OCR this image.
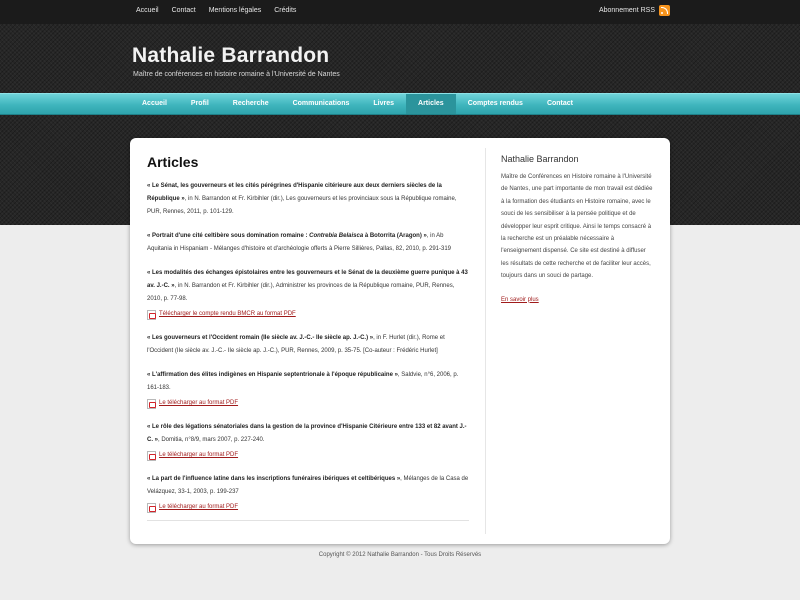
Accueil Contact Mentions légales Crédits	Abonnement RSS
Nathalie Barrandon
Maître de conférences en histoire romaine à l'Université de Nantes
Accueil	Profil	Recherche	Communications	Livres	Articles	Comptes rendus	Contact
Articles
« Le Sénat, les gouverneurs et les cités pérégrines d'Hispanie citérieure aux deux derniers siècles de la République », in N. Barrandon et Fr. Kirbihler (dir.), Les gouverneurs et les provinciaux sous la République romaine, PUR, Rennes, 2011, p. 101-129.
« Portrait d'une cité celtibère sous domination romaine : Contrebia Belaisca à Botorrita (Aragon) », in Ab Aquitania in Hispaniam - Mélanges d'histoire et d'archéologie offerts à Pierre Sillières, Pallas, 82, 2010, p. 291-319
« Les modalités des échanges épistolaires entre les gouverneurs et le Sénat de la deuxième guerre punique à 43 av. J.-C. », in N. Barrandon et Fr. Kirbihler (dir.), Administrer les provinces de la République romaine, PUR, Rennes, 2010, p. 77-98.
Télécharger le compte rendu BMCR au format PDF
« Les gouverneurs et l'Occident romain (IIe siècle av. J.-C.- IIe siècle ap. J.-C.) », in F. Hurlet (dir.), Rome et l'Occident (IIe siècle av. J.-C.- IIe siècle ap. J.-C.), PUR, Rennes, 2009, p. 35-75. [Co-auteur : Frédéric Hurlet]
« L'affirmation des élites indigènes en Hispanie septentrionale à l'époque républicaine », Saldvie, n°6, 2006, p. 161-183.
Le télécharger au format PDF
« Le rôle des légations sénatoriales dans la gestion de la province d'Hispanie Citérieure entre 133 et 82 avant J.-C. », Domitia, n°8/9, mars 2007, p. 227-240.
Le télécharger au format PDF
« La part de l'influence latine dans les inscriptions funéraires ibériques et celtibériques », Mélanges de la Casa de Velázquez, 33-1, 2003, p. 199-237
Le télécharger au format PDF
Nathalie Barrandon
Maître de Conférences en Histoire romaine à l'Université de Nantes, une part importante de mon travail est dédiée à la formation des étudiants en Histoire romaine, avec le souci de les sensibiliser à la pensée politique et de développer leur esprit critique. Ainsi le temps consacré à la recherche est un préalable nécessaire à l'enseignement dispensé. Ce site est destiné à diffuser les résultats de cette recherche et de faciliter leur accès, toujours dans un souci de partage.
En savoir plus
Copyright © 2012 Nathalie Barrandon - Tous Droits Réservés
